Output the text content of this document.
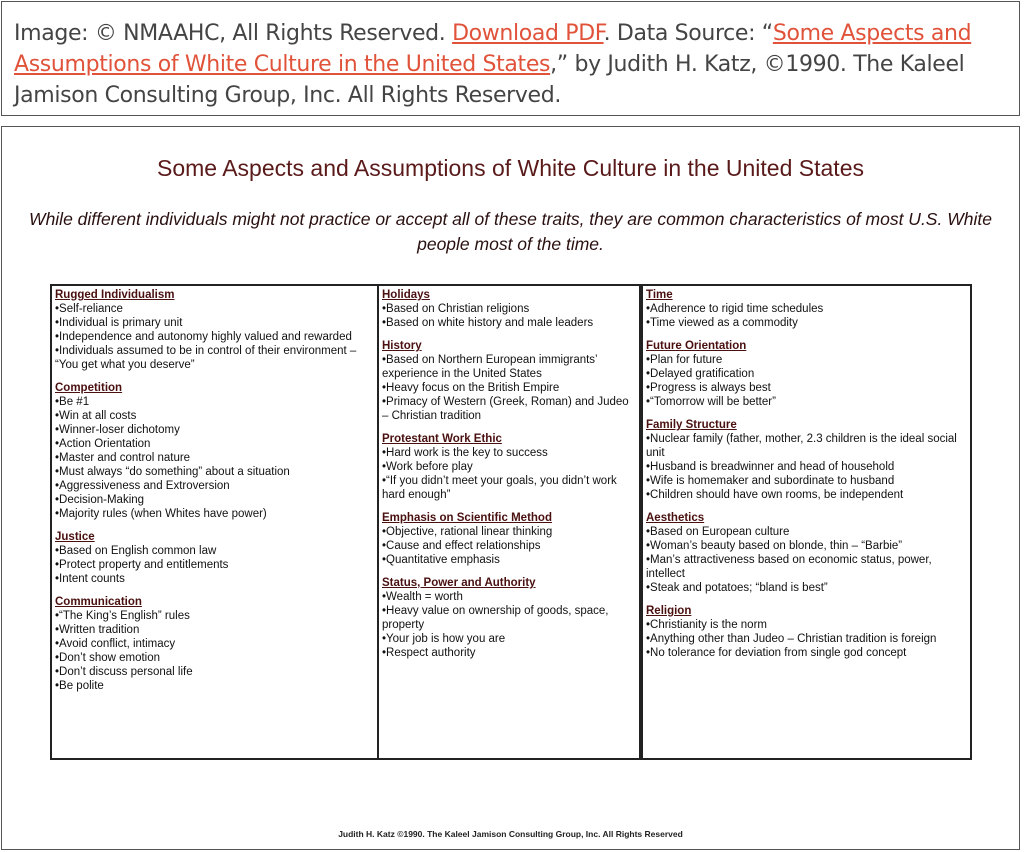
Image: © NMAAHC, All Rights Reserved. Download PDF. Data Source: “Some Aspects and Assumptions of White Culture in the United States,” by Judith H. Katz, ©1990. The Kaleel Jamison Consulting Group, Inc. All Rights Reserved.
Some Aspects and Assumptions of White Culture in the United States
While different individuals might not practice or accept all of these traits, they are common characteristics of most U.S. White people most of the time.
Rugged Individualism
• Self-reliance
• Individual is primary unit
• Independence and autonomy highly valued and rewarded
• Individuals assumed to be in control of their environment – “You get what you deserve”
Competition
• Be #1
• Win at all costs
• Winner-loser dichotomy
• Action Orientation
• Master and control nature
• Must always “do something” about a situation
• Aggressiveness and Extroversion
• Decision-Making
• Majority rules (when Whites have power)
Justice
• Based on English common law
• Protect property and entitlements
• Intent counts
Communication
• “The King’s English” rules
• Written tradition
• Avoid conflict, intimacy
• Don’t show emotion
• Don’t discuss personal life
• Be polite
Holidays
• Based on Christian religions
• Based on white history and male leaders
History
• Based on Northern European immigrants’ experience in the United States
• Heavy focus on the British Empire
• Primacy of Western (Greek, Roman) and Judeo – Christian tradition
Protestant Work Ethic
• Hard work is the key to success
• Work before play
• “If you didn’t meet your goals, you didn’t work hard enough”
Emphasis on Scientific Method
• Objective, rational linear thinking
• Cause and effect relationships
• Quantitative emphasis
Status, Power and Authority
• Wealth = worth
• Heavy value on ownership of goods, space, property
• Your job is how you are
• Respect authority
Time
• Adherence to rigid time schedules
• Time viewed as a commodity
Future Orientation
• Plan for future
• Delayed gratification
• Progress is always best
• “Tomorrow will be better”
Family Structure
• Nuclear family (father, mother, 2.3 children is the ideal social unit
• Husband is breadwinner and head of household
• Wife is homemaker and subordinate to husband
• Children should have own rooms, be independent
Aesthetics
• Based on European culture
• Woman’s beauty based on blonde, thin – “Barbie”
• Man’s attractiveness based on economic status, power, intellect
• Steak and potatoes; “bland is best”
Religion
• Christianity is the norm
• Anything other than Judeo – Christian tradition is foreign
• No tolerance for deviation from single god concept
Judith H. Katz ©1990. The Kaleel Jamison Consulting Group, Inc. All Rights Reserved
